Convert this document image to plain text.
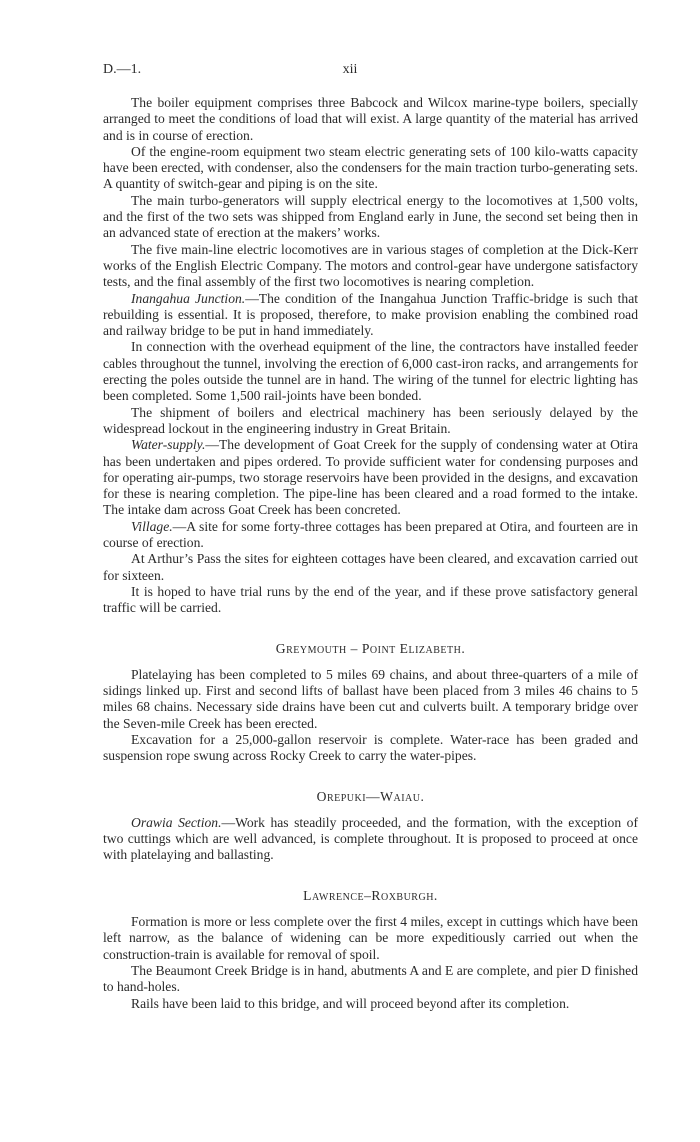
D.—1.	xii

The boiler equipment comprises three Babcock and Wilcox marine-type boilers, specially arranged to meet the conditions of load that will exist. A large quantity of the material has arrived and is in course of erection.

Of the engine-room equipment two steam electric generating sets of 100 kilo-watts capacity have been erected, with condenser, also the condensers for the main traction turbo-generating sets. A quantity of switch-gear and piping is on the site.

The main turbo-generators will supply electrical energy to the locomotives at 1,500 volts, and the first of the two sets was shipped from England early in June, the second set being then in an advanced state of erection at the makers’ works.

The five main-line electric locomotives are in various stages of completion at the Dick-Kerr works of the English Electric Company. The motors and control-gear have undergone satisfactory tests, and the final assembly of the first two locomotives is nearing completion.

Inangahua Junction.—The condition of the Inangahua Junction Traffic-bridge is such that rebuilding is essential. It is proposed, therefore, to make provision enabling the combined road and railway bridge to be put in hand immediately.

In connection with the overhead equipment of the line, the contractors have installed feeder cables throughout the tunnel, involving the erection of 6,000 cast-iron racks, and arrangements for erecting the poles outside the tunnel are in hand. The wiring of the tunnel for electric lighting has been completed. Some 1,500 rail-joints have been bonded.

The shipment of boilers and electrical machinery has been seriously delayed by the widespread lockout in the engineering industry in Great Britain.

Water-supply.—The development of Goat Creek for the supply of condensing water at Otira has been undertaken and pipes ordered. To provide sufficient water for condensing purposes and for operating air-pumps, two storage reservoirs have been provided in the designs, and excavation for these is nearing completion. The pipe-line has been cleared and a road formed to the intake. The intake dam across Goat Creek has been concreted.

Village.—A site for some forty-three cottages has been prepared at Otira, and fourteen are in course of erection.

At Arthur’s Pass the sites for eighteen cottages have been cleared, and excavation carried out for sixteen.

It is hoped to have trial runs by the end of the year, and if these prove satisfactory general traffic will be carried.

Greymouth – Point Elizabeth.

Platelaying has been completed to 5 miles 69 chains, and about three-quarters of a mile of sidings linked up. First and second lifts of ballast have been placed from 3 miles 46 chains to 5 miles 68 chains. Necessary side drains have been cut and culverts built. A temporary bridge over the Seven-mile Creek has been erected.

Excavation for a 25,000-gallon reservoir is complete. Water-race has been graded and suspension rope swung across Rocky Creek to carry the water-pipes.

Orepuki—Waiau.

Orawia Section.—Work has steadily proceeded, and the formation, with the exception of two cuttings which are well advanced, is complete throughout. It is proposed to proceed at once with platelaying and ballasting.

Lawrence–Roxburgh.

Formation is more or less complete over the first 4 miles, except in cuttings which have been left narrow, as the balance of widening can be more expeditiously carried out when the construction-train is available for removal of spoil.

The Beaumont Creek Bridge is in hand, abutments A and E are complete, and pier D finished to hand-holes.

Rails have been laid to this bridge, and will proceed beyond after its completion.
